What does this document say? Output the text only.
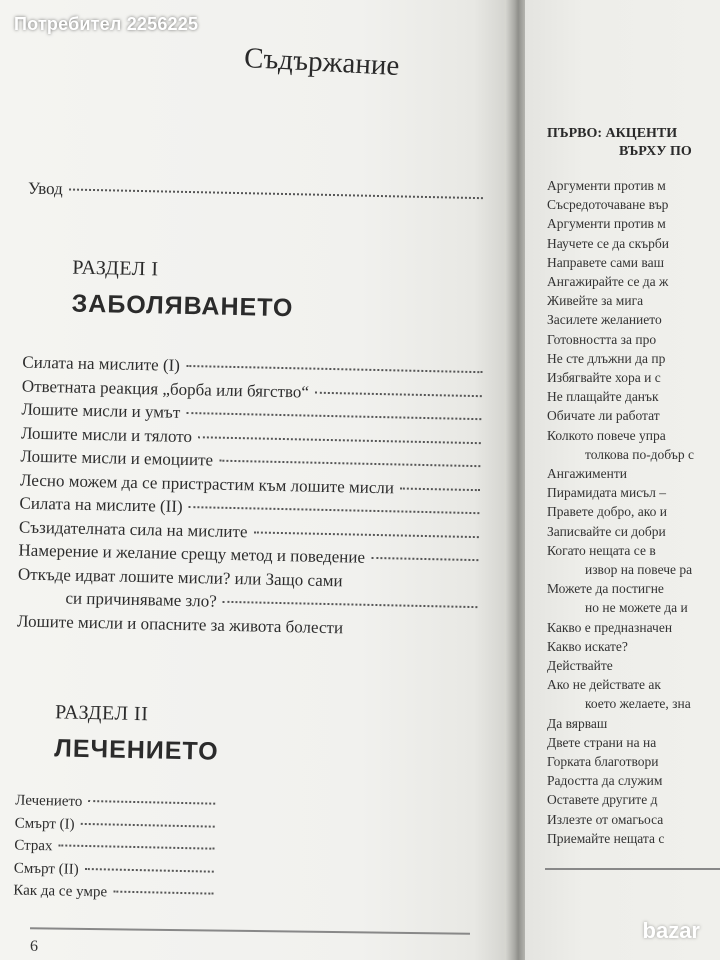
Увод
РАЗДЕЛ I
ЗАБОЛЯВАНЕТО
Силата на мислите (I)
Ответната реакция „борба или бягство“
Лошите мисли и умът
Лошите мисли и тялото
Лошите мисли и емоциите
Лесно можем да се пристрастим към лошите мисли
Силата на мислите (II)
Съзидателната сила на мислите
Намерение и желание срещу метод и поведение
Откъде идват лошите мисли? или Защо сами
си причиняваме зло?
Лошите мисли и опасните за живота болести
РАЗДЕЛ II
ЛЕЧЕНИЕТО
Лечението
Смърт (I)
Страх
Смърт (II)
Как да се умре
Съдържание
6
ПЪРВО: АКЦЕНТИ
ВЪРХУ ПО
Аргументи против м
Съсредоточаване вър
Аргументи против м
Научете се да скърби
Направете сами ваш
Ангажирайте се да ж
Живейте за мига
Засилете желанието
Готовността за про
Не сте длъжни да пр
Избягвайте хора и с
Не плащайте данък
Обичате ли работат
Колкото повече упра
толкова по-добър с
Ангажименти
Пирамидата мисъл –
Правете добро, ако и
Записвайте си добри
Когато нещата се в
извор на повече ра
Можете да постигне
но не можете да и
Какво е предназначен
Какво искате?
Действайте
Ако не действате ак
което желаете, зна
Да вярваш
Двете страни на на
Горката благотвори
Радостта да служим
Оставете другите д
Излезте от омагьоса
Приемайте нещата с
bazar
Потребител 2256225
